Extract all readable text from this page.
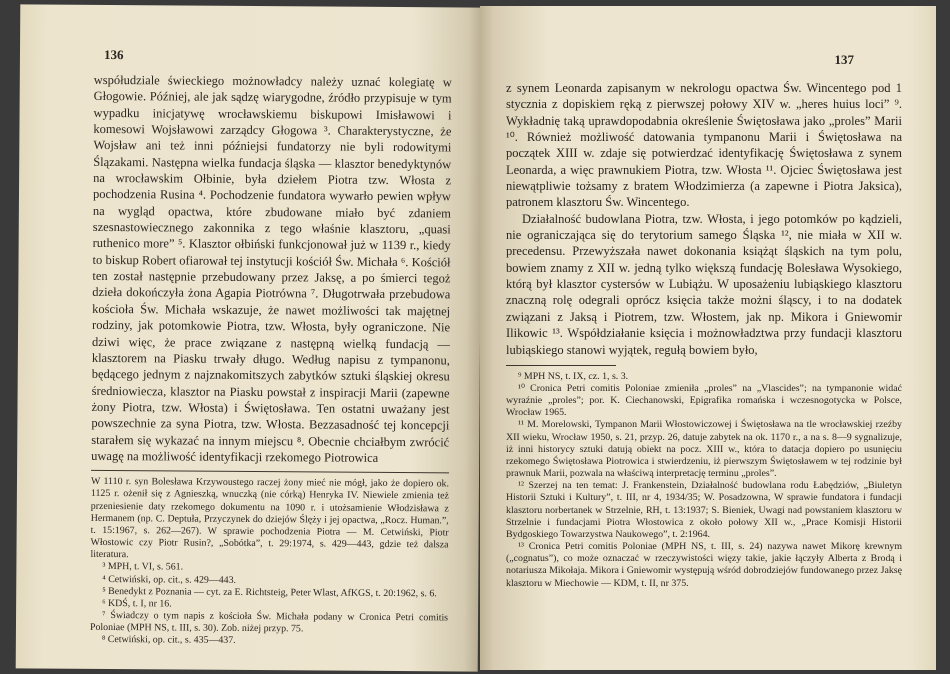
136

współudziale świeckiego możnowładcy należy uznać kolegiatę w Głogowie. Później, ale jak sądzę wiarygodne, źródło przypisuje w tym wypadku inicjatywę wrocławskiemu biskupowi Imisławowi i komesowi Wojsławowi zarządcy Głogowa ³. Charakterystyczne, że Wojsław ani też inni późniejsi fundatorzy nie byli rodowitymi Ślązakami. Następna wielka fundacja śląska — klasztor benedyktynów na wrocławskim Ołbinie, była dziełem Piotra tzw. Włosta z pochodzenia Rusina ⁴. Pochodzenie fundatora wywarło pewien wpływ na wygląd opactwa, które zbudowane miało być zdaniem szesnastowiecznego zakonnika z tego właśnie klasztoru, „quasi ruthenico more” ⁵. Klasztor ołbiński funkcjonował już w 1139 r., kiedy to biskup Robert ofiarował tej instytucji kościół Św. Michała ⁶. Kościół ten został następnie przebudowany przez Jaksę, a po śmierci tegoż dzieła dokończyła żona Agapia Piotrówna ⁷. Długotrwała przebudowa kościoła Św. Michała wskazuje, że nawet możliwości tak majętnej rodziny, jak potomkowie Piotra, tzw. Włosta, były ograniczone. Nie dziwi więc, że prace związane z następną wielką fundacją — klasztorem na Piasku trwały długo. Według napisu z tympanonu, będącego jednym z najznakomitszych zabytków sztuki śląskiej okresu średniowiecza, klasztor na Piasku powstał z inspiracji Marii (zapewne żony Piotra, tzw. Włosta) i Świętosława. Ten ostatni uważany jest powszechnie za syna Piotra, tzw. Włosta. Bezzasadność tej koncepcji starałem się wykazać na innym miejscu ⁸. Obecnie chciałbym zwrócić uwagę na możliwość identyfikacji rzekomego Piotrowica

W 1110 r. syn Bolesława Krzywoustego raczej żony mieć nie mógł, jako że dopiero ok. 1125 r. ożenił się z Agnieszką, wnuczką (nie córką) Henryka IV. Niewiele zmienia też przeniesienie daty rzekomego dokumentu na 1090 r. i utożsamienie Włodzisława z Hermanem (np. C. Deptuła, Przyczynek do dziejów Ślęży i jej opactwa, „Rocz. Human.”, t. 15:1967, s. 262—267). W sprawie pochodzenia Piotra — M. Cetwiński, Piotr Włostowic czy Piotr Rusin?, „Sobótka”, t. 29:1974, s. 429—443, gdzie też dalsza literatura.

³ MPH, t. VI, s. 561.

⁴ Cetwiński, op. cit., s. 429—443.

⁵ Benedykt z Poznania — cyt. za E. Richtsteig, Peter Wlast, AfKGS, t. 20:1962, s. 6.

⁶ KDŚ, t. I, nr 16.

⁷ Świadczy o tym napis z kościoła Św. Michała podany w Cronica Petri comitis Poloniae (MPH NS, t. III, s. 30). Zob. niżej przyp. 75.

⁸ Cetwiński, op. cit., s. 435—437.

137

z synem Leonarda zapisanym w nekrologu opactwa Św. Wincentego pod 1 stycznia z dopiskiem ręką z pierwszej połowy XIV w. „heres huius loci” ⁹. Wykładnię taką uprawdopodabnia określenie Świętosława jako „proles” Marii ¹⁰. Również możliwość datowania tympanonu Marii i Świętosława na początek XIII w. zdaje się potwierdzać identyfikację Świętosława z synem Leonarda, a więc prawnukiem Piotra, tzw. Włosta ¹¹. Ojciec Świętosława jest niewątpliwie tożsamy z bratem Włodzimierza (a zapewne i Piotra Jaksica), patronem klasztoru Św. Wincentego.

Działalność budowlana Piotra, tzw. Włosta, i jego potomków po kądzieli, nie ograniczająca się do terytorium samego Śląska ¹², nie miała w XII w. precedensu. Przewyższała nawet dokonania książąt śląskich na tym polu, bowiem znamy z XII w. jedną tylko większą fundację Bolesława Wysokiego, którą był klasztor cystersów w Lubiążu. W uposażeniu lubiąskiego klasztoru znaczną rolę odegrali oprócz księcia także możni śląscy, i to na dodatek związani z Jaksą i Piotrem, tzw. Włostem, jak np. Mikora i Gniewomir Ilikowic ¹³. Współdziałanie księcia i możnowładztwa przy fundacji klasztoru lubiąskiego stanowi wyjątek, regułą bowiem było,

⁹ MPH NS, t. IX, cz. 1, s. 3.

¹⁰ Cronica Petri comitis Poloniae zmieniła „proles” na „Vlascides”; na tympanonie widać wyraźnie „proles”; por. K. Ciechanowski, Epigrafika romańska i wczesnogotycka w Polsce, Wrocław 1965.

¹¹ M. Morelowski, Tympanon Marii Włostowiczowej i Świętosława na tle wrocławskiej rzeźby XII wieku, Wrocław 1950, s. 21, przyp. 26, datuje zabytek na ok. 1170 r., a na s. 8—9 sygnalizuje, iż inni historycy sztuki datują obiekt na pocz. XIII w., która to datacja dopiero po usunięciu rzekomego Świętosława Piotrowica i stwierdzeniu, iż pierwszym Świętosławem w tej rodzinie był prawnuk Marii, pozwala na właściwą interpretację terminu „proles”.

¹² Szerzej na ten temat: J. Frankenstein, Działalność budowlana rodu Łabędziów, „Biuletyn Historii Sztuki i Kultury”, t. III, nr 4, 1934/35; W. Posadzowna, W sprawie fundatora i fundacji klasztoru norbertanek w Strzelnie, RH, t. 13:1937; S. Bieniek, Uwagi nad powstaniem klasztoru w Strzelnie i fundacjami Piotra Włostowica z około połowy XII w., „Prace Komisji Historii Bydgoskiego Towarzystwa Naukowego”, t. 2:1964.

¹³ Cronica Petri comitis Poloniae (MPH NS, t. III, s. 24) nazywa nawet Mikorę krewnym („cognatus”), co może oznaczać w rzeczywistości więzy takie, jakie łączyły Alberta z Brodą i notariusza Mikołaja. Mikora i Gniewomir występują wśród dobrodziejów fundowanego przez Jaksę klasztoru w Miechowie — KDM, t. II, nr 375.
